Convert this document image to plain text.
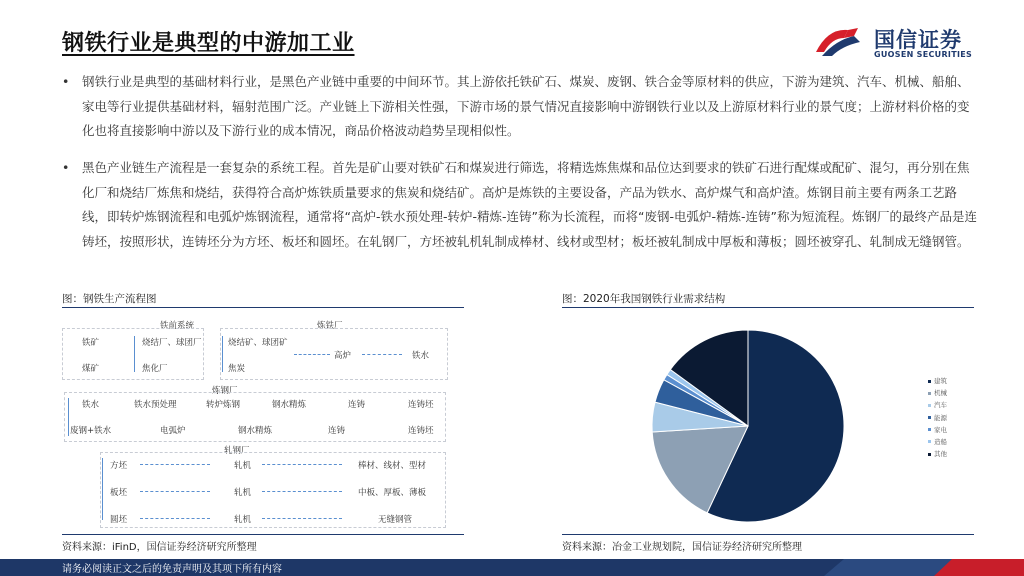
钢铁行业是典型的中游加工业	国信证券
GUOSEN SECURITIES
•	钢铁行业是典型的基础材料行业，是黑色产业链中重要的中间环节。其上游依托铁矿石、煤炭、废钢、铁合金等原材料的供应，下游为建筑、汽车、机械、船舶、家电等行业提供基础材料，辐射范围广泛。产业链上下游相关性强，下游市场的景气情况直接影响中游钢铁行业以及上游原材料行业的景气度；上游材料价格的变化也将直接影响中游以及下游行业的成本情况，商品价格波动趋势呈现相似性。
•	黑色产业链生产流程是一套复杂的系统工程。首先是矿山要对铁矿石和煤炭进行筛选，将精选炼焦煤和品位达到要求的铁矿石进行配煤或配矿、混匀，再分别在焦化厂和烧结厂炼焦和烧结，获得符合高炉炼铁质量要求的焦炭和烧结矿。高炉是炼铁的主要设备，产品为铁水、高炉煤气和高炉渣。炼钢目前主要有两条工艺路线，即转炉炼钢流程和电弧炉炼钢流程，通常将“高炉-铁水预处理-转炉-精炼-连铸”称为长流程，而将“废钢-电弧炉-精炼-连铸”称为短流程。炼钢厂的最终产品是连铸坯，按照形状，连铸坯分为方坯、板坯和圆坯。在轧钢厂，方坯被轧机轧制成棒材、线材或型材；板坯被轧制成中厚板和薄板；圆坯被穿孔、轧制成无缝钢管。
图：钢铁生产流程图
铁前系统	炼铁厂
铁矿
煤矿
烧结厂、球团厂
焦化厂
烧结矿、球团矿
焦炭
高炉	铁水
炼钢厂
铁水	铁水预处理	转炉炼钢	钢水精炼	连铸	连铸坯
废钢+铁水	电弧炉	钢水精炼	连铸	连铸坯
轧钢厂
方坯	轧机	棒材、线材、型材
板坯	轧机	中板、厚板、薄板
圆坯	轧机	无缝钢管
资料来源：iFinD，国信证券经济研究所整理
图：2020年我国钢铁行业需求结构
建筑
机械
汽车
能源
家电
造船
其他
资料来源：冶金工业规划院，国信证券经济研究所整理
请务必阅读正文之后的免责声明及其项下所有内容
